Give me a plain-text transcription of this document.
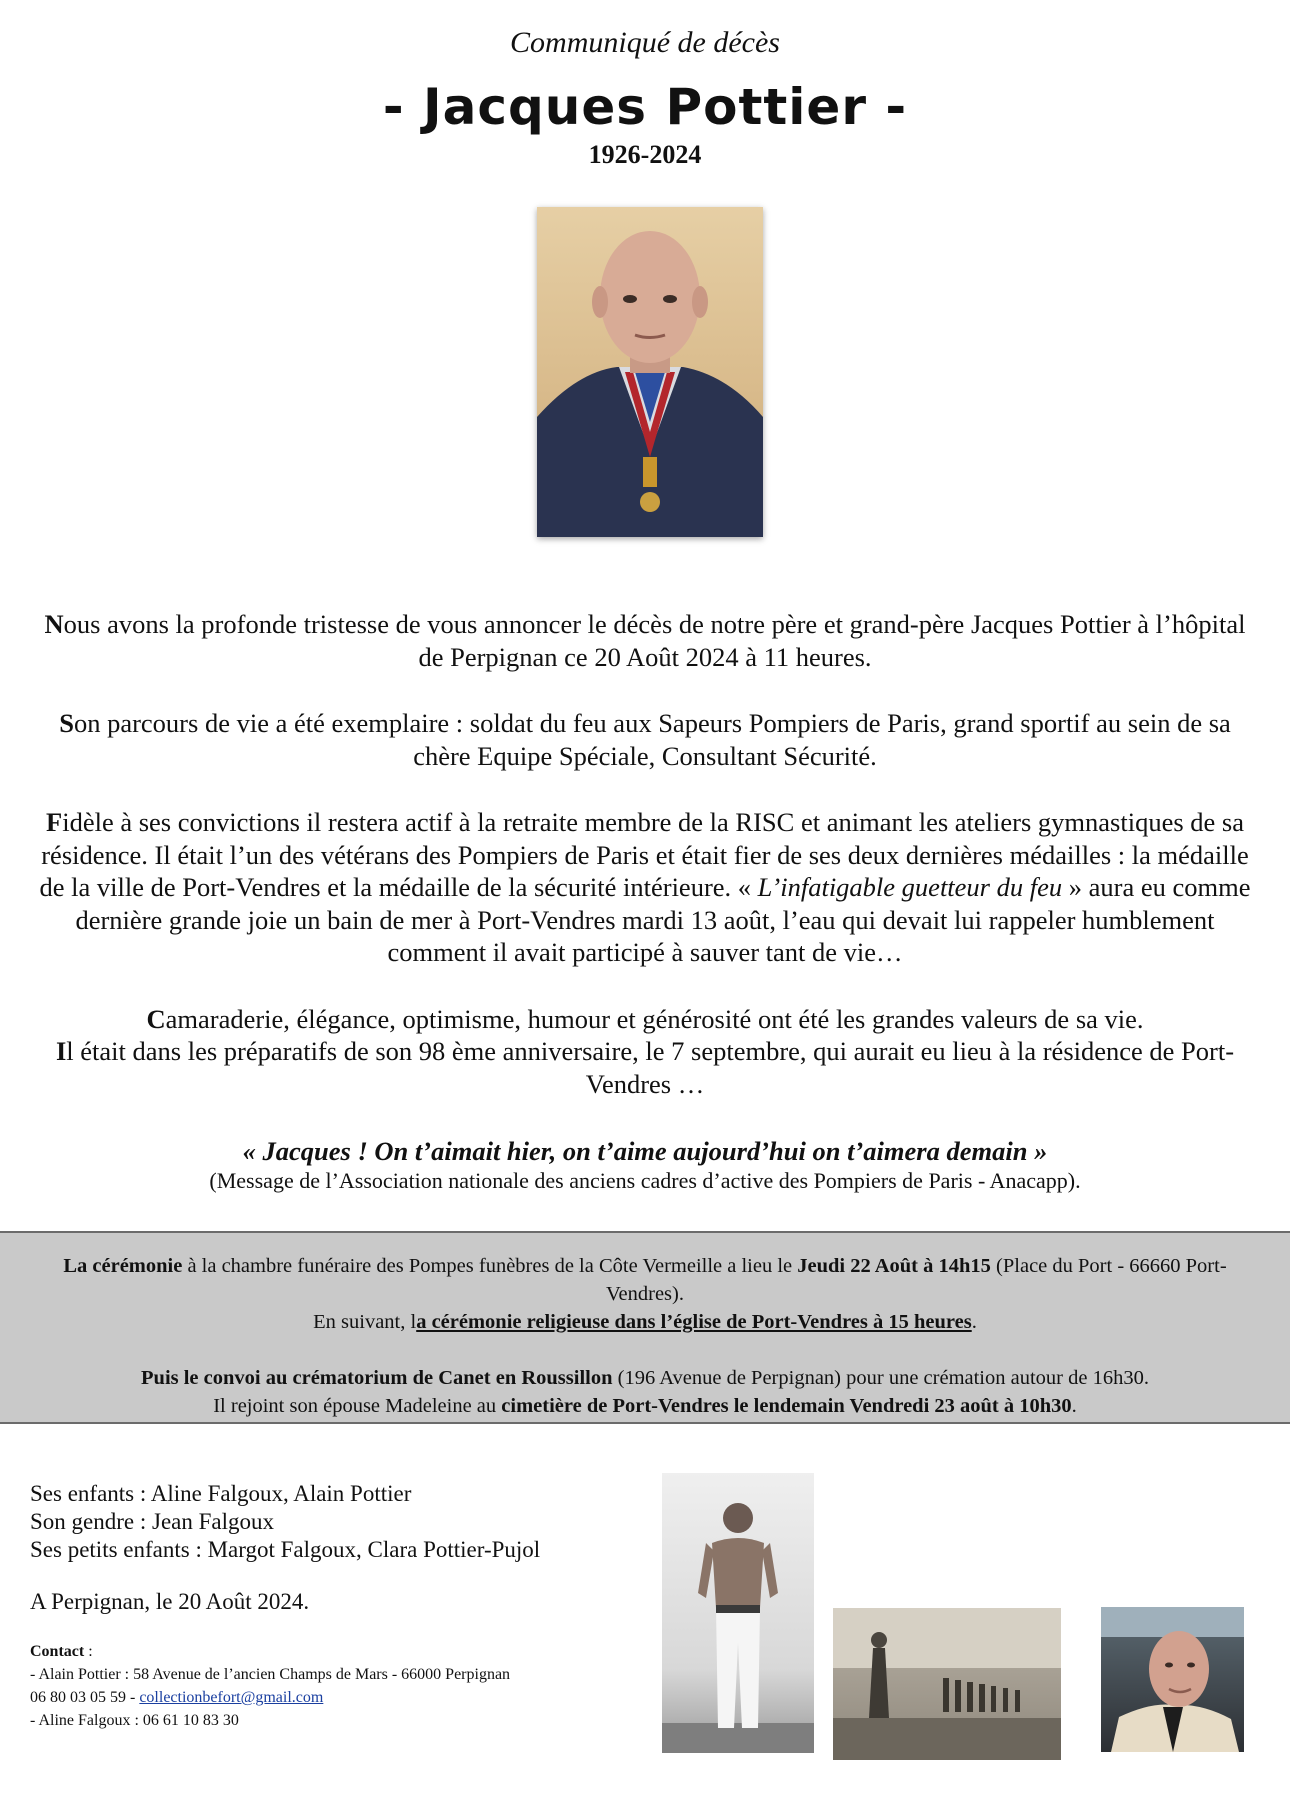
Communiqué de décès
- Jacques Pottier -
1926-2024

Nous avons la profonde tristesse de vous annoncer le décès de notre père et grand-père Jacques Pottier à l’hôpital de Perpignan ce 20 Août 2024 à 11 heures.

Son parcours de vie a été exemplaire : soldat du feu aux Sapeurs Pompiers de Paris, grand sportif au sein de sa chère Equipe Spéciale, Consultant Sécurité.

Fidèle à ses convictions il restera actif à la retraite membre de la RISC et animant les ateliers gymnastiques de sa résidence. Il était l’un des vétérans des Pompiers de Paris et était fier de ses deux dernières médailles : la médaille de la ville de Port-Vendres et la médaille de la sécurité intérieure. « L’infatigable guetteur du feu » aura eu comme dernière grande joie un bain de mer à Port-Vendres mardi 13 août, l’eau qui devait lui rappeler humblement comment il avait participé à sauver tant de vie…

Camaraderie, élégance, optimisme, humour et générosité ont été les grandes valeurs de sa vie.

Il était dans les préparatifs de son 98 ème anniversaire, le 7 septembre, qui aurait eu lieu à la résidence de Port-Vendres …

« Jacques ! On t’aimait hier, on t’aime aujourd’hui on t’aimera demain »
(Message de l’Association nationale des anciens cadres d’active des Pompiers de Paris - Anacapp).

La cérémonie à la chambre funéraire des Pompes funèbres de la Côte Vermeille a lieu le Jeudi 22 Août à 14h15 (Place du Port - 66660 Port-Vendres).

En suivant, la cérémonie religieuse dans l’église de Port-Vendres à 15 heures.

Puis le convoi au crématorium de Canet en Roussillon (196 Avenue de Perpignan) pour une crémation autour de 16h30.

Il rejoint son épouse Madeleine au cimetière de Port-Vendres le lendemain Vendredi 23 août à 10h30.

Ses enfants : Aline Falgoux, Alain Pottier

Son gendre : Jean Falgoux

Ses petits enfants : Margot Falgoux, Clara Pottier-Pujol

A Perpignan, le 20 Août 2024.

Contact :

- Alain Pottier : 58 Avenue de l’ancien Champs de Mars - 66000 Perpignan

06 80 03 05 59 - collectionbefort@gmail.com

- Aline Falgoux : 06 61 10 83 30
